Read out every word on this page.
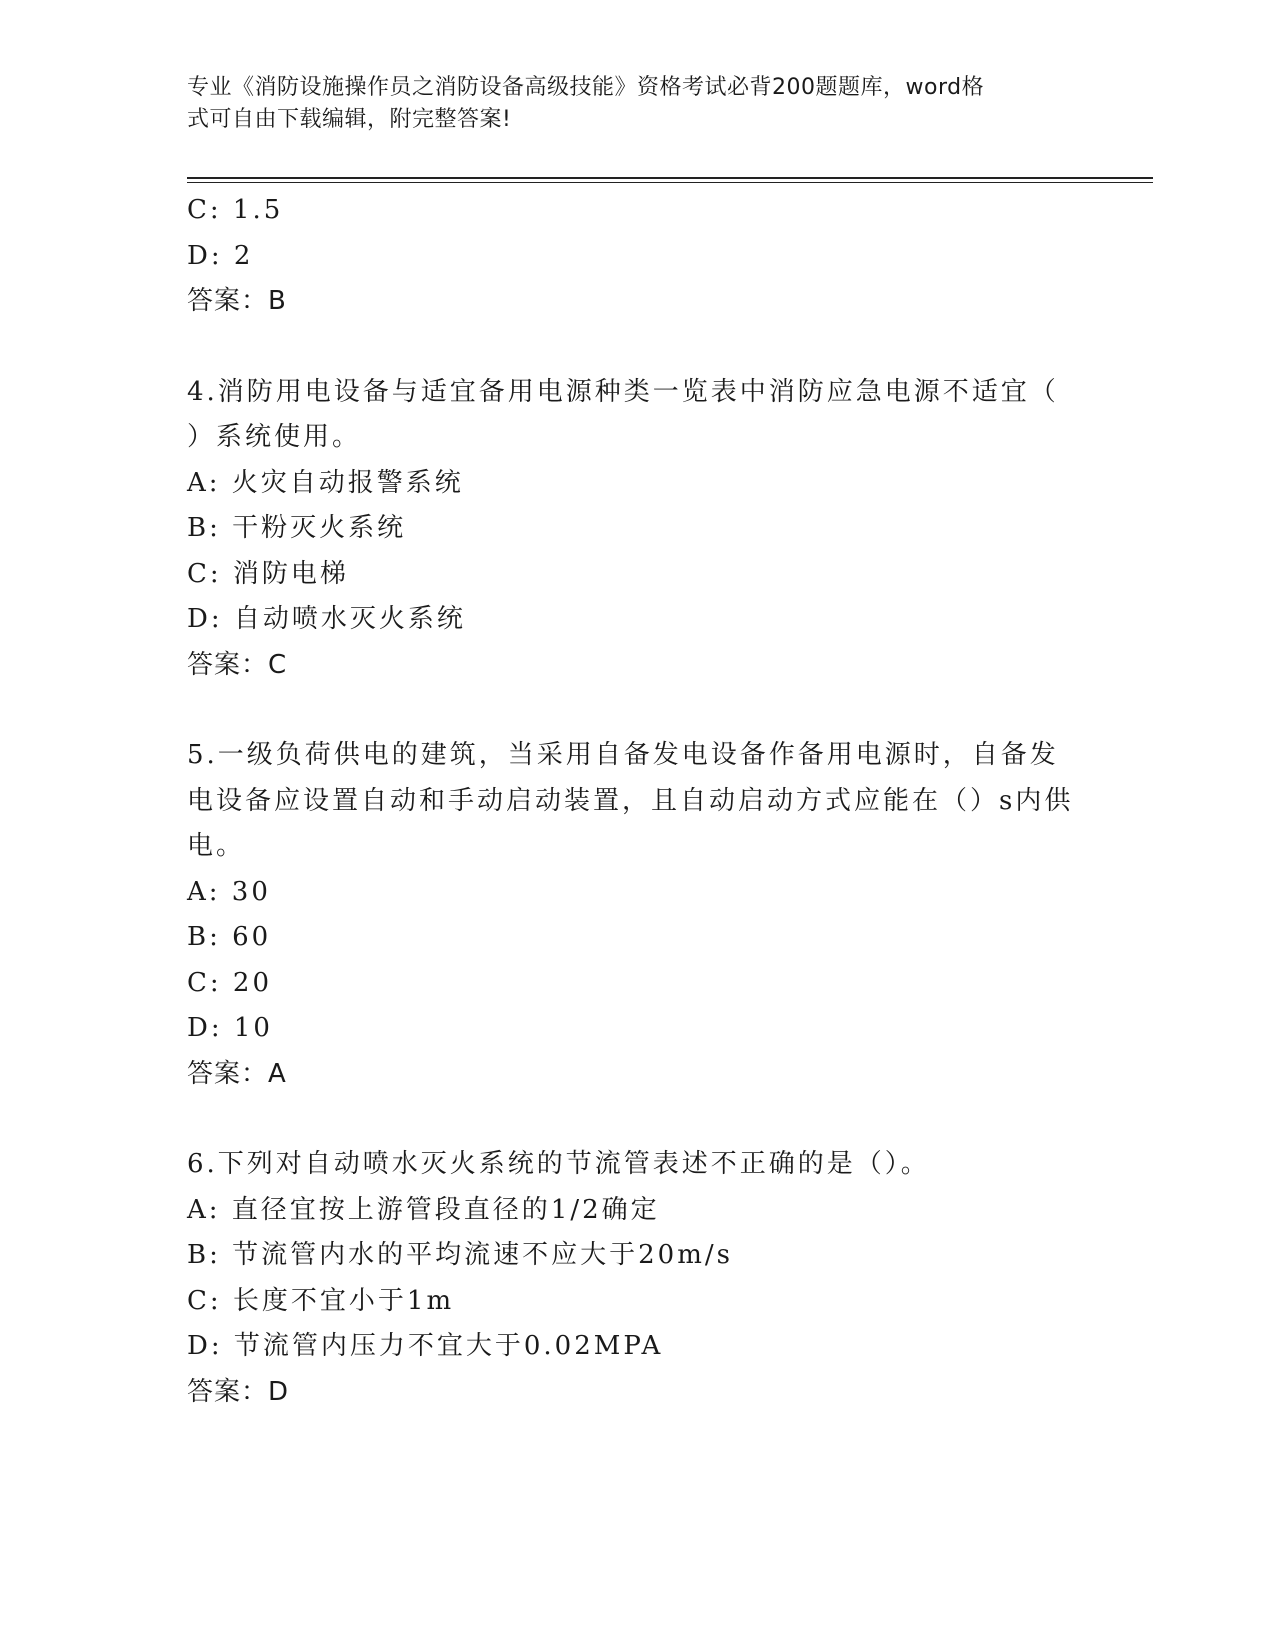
专业《消防设施操作员之消防设备高级技能》资格考试必背200题题库，word格
式可自由下载编辑，附完整答案!
C: 1.5
D: 2
答案：B
4.消防用电设备与适宜备用电源种类一览表中消防应急电源不适宜（
）系统使用。
A: 火灾自动报警系统
B: 干粉灭火系统
C: 消防电梯
D: 自动喷水灭火系统
答案：C
5.一级负荷供电的建筑，当采用自备发电设备作备用电源时，自备发
电设备应设置自动和手动启动装置，且自动启动方式应能在（）s内供
电。
A: 30
B: 60
C: 20
D: 10
答案：A
6.下列对自动喷水灭火系统的节流管表述不正确的是（）。
A: 直径宜按上游管段直径的1/2确定
B: 节流管内水的平均流速不应大于20m/s
C: 长度不宜小于1m
D: 节流管内压力不宜大于0.02MPA
答案：D
